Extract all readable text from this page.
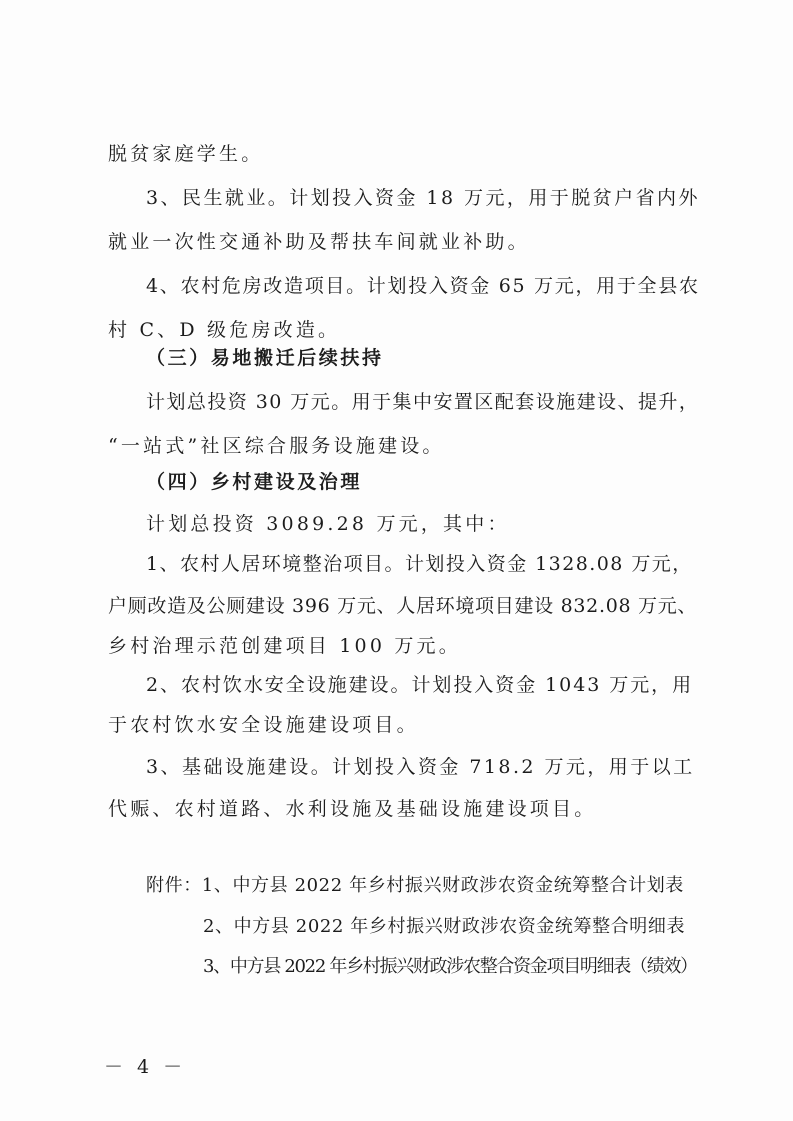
脱贫家庭学生。
3、民生就业。计划投入资金 18 万元，用于脱贫户省内外
就业一次性交通补助及帮扶车间就业补助。
4、农村危房改造项目。计划投入资金 65 万元，用于全县农
村 C、D 级危房改造。
（三）易地搬迁后续扶持
计划总投资 30 万元。用于集中安置区配套设施建设、提升，
“一站式”社区综合服务设施建设。
（四）乡村建设及治理
计划总投资 3089.28 万元，其中：
1、农村人居环境整治项目。计划投入资金 1328.08 万元，
户厕改造及公厕建设 396 万元、人居环境项目建设 832.08 万元、
乡村治理示范创建项目 100 万元。
2、农村饮水安全设施建设。计划投入资金 1043 万元，用
于农村饮水安全设施建设项目。
3、基础设施建设。计划投入资金 718.2 万元，用于以工
代赈、农村道路、水利设施及基础设施建设项目。
附件：1、中方县 2022 年乡村振兴财政涉农资金统筹整合计划表
2、中方县 2022 年乡村振兴财政涉农资金统筹整合明细表
3、中方县 2022 年乡村振兴财政涉农整合资金项目明细表（绩效）
－ 4 －
